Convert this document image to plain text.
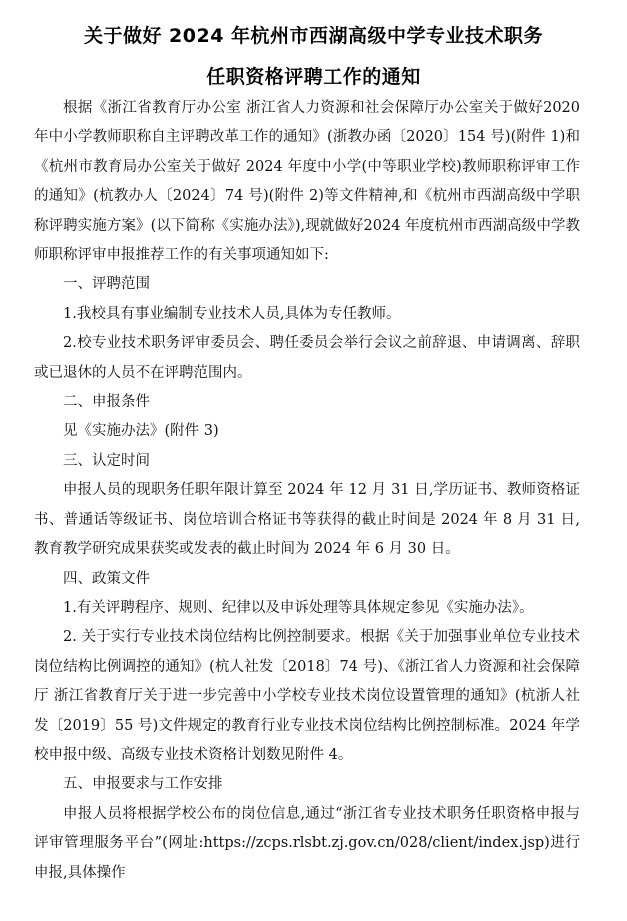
关于做好 2024 年杭州市西湖高级中学专业技术职务
任职资格评聘工作的通知

根据《浙江省教育厅办公室 浙江省人力资源和社会保障厅办公室关于做好2020 年中小学教师职称自主评聘改革工作的通知》(浙教办函〔2020〕154 号)(附件 1)和《杭州市教育局办公室关于做好 2024 年度中小学(中等职业学校)教师职称评审工作的通知》(杭教办人〔2024〕74 号)(附件 2)等文件精神,和《杭州市西湖高级中学职称评聘实施方案》(以下简称《实施办法》),现就做好2024 年度杭州市西湖高级中学教师职称评审申报推荐工作的有关事项通知如下:

一、评聘范围

1.我校具有事业编制专业技术人员,具体为专任教师。

2.校专业技术职务评审委员会、聘任委员会举行会议之前辞退、申请调离、辞职或已退休的人员不在评聘范围内。

二、申报条件

见《实施办法》(附件 3)

三、认定时间

申报人员的现职务任职年限计算至 2024 年 12 月 31 日,学历证书、教师资格证书、普通话等级证书、岗位培训合格证书等获得的截止时间是 2024 年 8 月 31 日,教育教学研究成果获奖或发表的截止时间为 2024 年 6 月 30 日。

四、政策文件

1.有关评聘程序、规则、纪律以及申诉处理等具体规定参见《实施办法》。

2. 关于实行专业技术岗位结构比例控制要求。根据《关于加强事业单位专业技术岗位结构比例调控的通知》(杭人社发〔2018〕74 号)、《浙江省人力资源和社会保障厅 浙江省教育厅关于进一步完善中小学校专业技术岗位设置管理的通知》(杭浙人社发〔2019〕55 号)文件规定的教育行业专业技术岗位结构比例控制标准。2024 年学校申报中级、高级专业技术资格计划数见附件 4。

五、申报要求与工作安排

申报人员将根据学校公布的岗位信息,通过“浙江省专业技术职务任职资格申报与评审管理服务平台”(网址:https://zcps.rlsbt.zj.gov.cn/028/client/index.jsp)进行申报,具体操作
